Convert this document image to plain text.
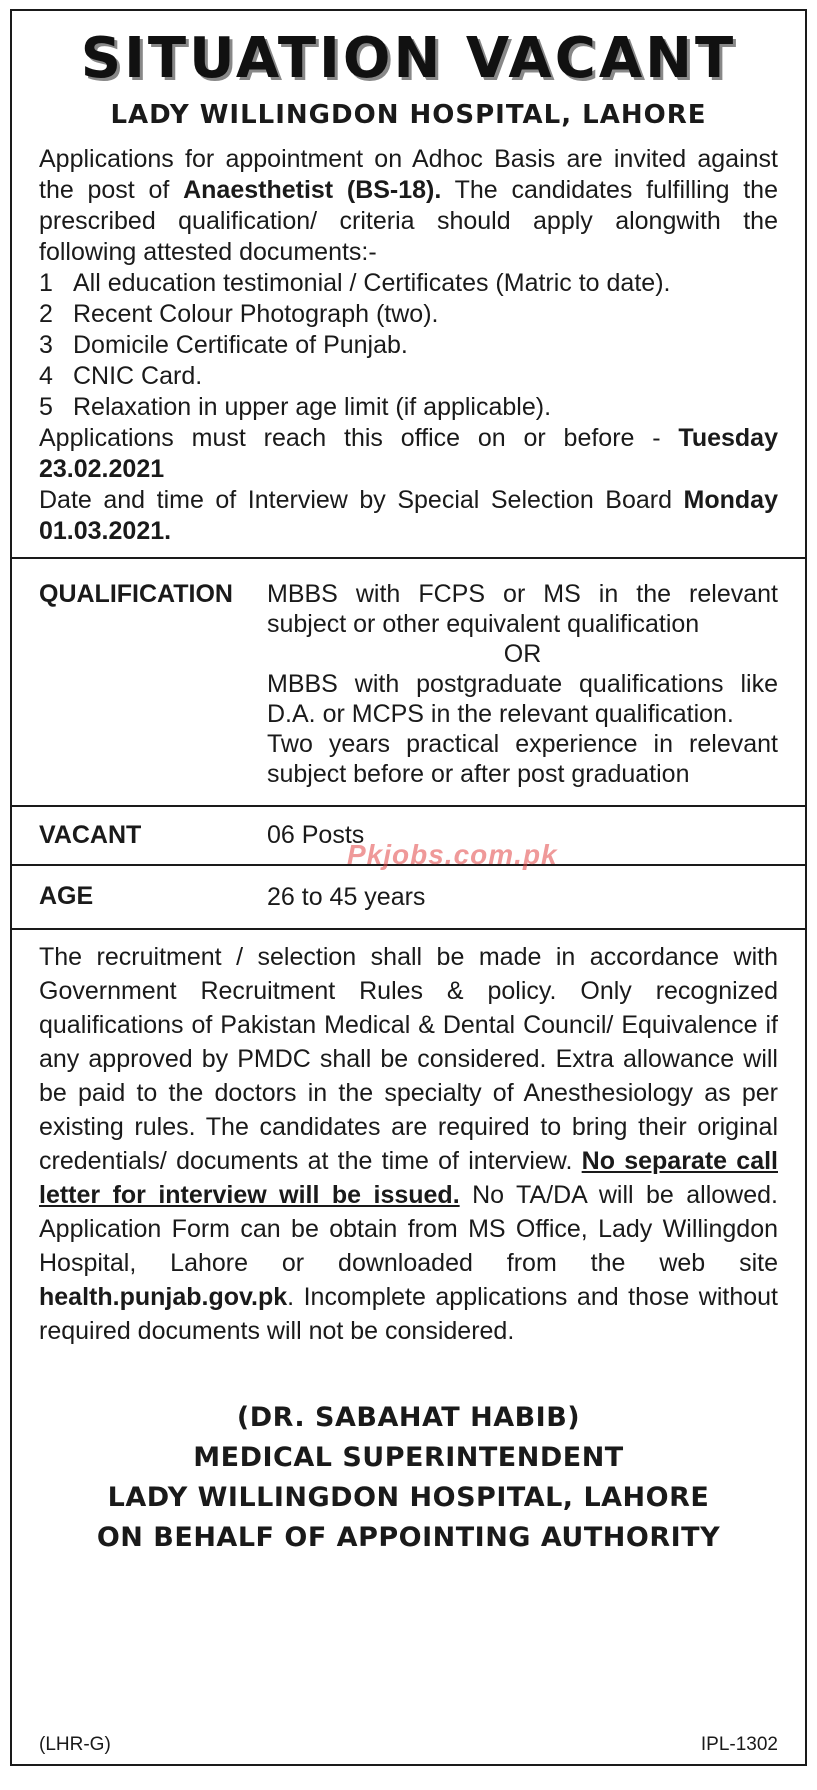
SITUATION VACANT
LADY WILLINGDON HOSPITAL, LAHORE

Applications for appointment on Adhoc Basis are invited against the post of Anaesthetist (BS-18). The candidates fulfilling the prescribed qualification/ criteria should apply alongwith the following attested documents:-

1 All education testimonial / Certificates (Matric to date).
2 Recent Colour Photograph (two).
3 Domicile Certificate of Punjab.
4 CNIC Card.
5 Relaxation in upper age limit (if applicable).

Applications must reach this office on or before - Tuesday 23.02.2021

Date and time of Interview by Special Selection Board Monday 01.03.2021.

QUALIFICATION	MBBS with FCPS or MS in the relevant subject or other equivalent qualification
OR
MBBS with postgraduate qualifications like D.A. or MCPS in the relevant qualification.
Two years practical experience in relevant subject before or after post graduation
VACANT	06 Posts
AGE	26 to 45 years
The recruitment / selection shall be made in accordance with Government Recruitment Rules & policy. Only recognized qualifications of Pakistan Medical & Dental Council/ Equivalence if any approved by PMDC shall be considered. Extra allowance will be paid to the doctors in the specialty of Anesthesiology as per existing rules. The candidates are required to bring their original credentials/ documents at the time of interview. No separate call letter for interview will be issued. No TA/DA will be allowed. Application Form can be obtain from MS Office, Lady Willingdon Hospital, Lahore or downloaded from the web site health.punjab.gov.pk. Incomplete applications and those without required documents will not be considered.
(DR. SABAHAT HABIB)
MEDICAL SUPERINTENDENT
LADY WILLINGDON HOSPITAL, LAHORE
ON BEHALF OF APPOINTING AUTHORITY
(LHR-G)	IPL-1302
Pkjobs.com.pk
